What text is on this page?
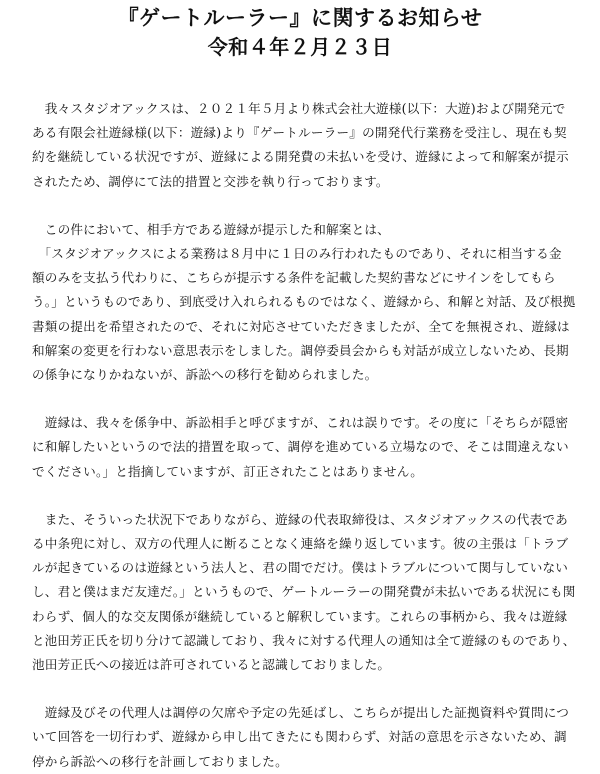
『ゲートルーラー』に関するお知らせ
令和４年２月２３日

　我々スタジオアックスは、２０２１年５月より株式会社大遊様(以下：大遊)および開発元で
ある有限会社遊縁様(以下：遊縁)より『ゲートルーラー』の開発代行業務を受注し、現在も契
約を継続している状況ですが、遊縁による開発費の未払いを受け、遊縁によって和解案が提示
されたため、調停にて法的措置と交渉を執り行っております。

　この件において、相手方である遊縁が提示した和解案とは、
　「スタジオアックスによる業務は８月中に１日のみ行われたものであり、それに相当する金
額のみを支払う代わりに、こちらが提示する条件を記載した契約書などにサインをしてもら
う。」というものであり、到底受け入れられるものではなく、遊縁から、和解と対話、及び根拠
書類の提出を希望されたので、それに対応させていただきましたが、全てを無視され、遊縁は
和解案の変更を行わない意思表示をしました。調停委員会からも対話が成立しないため、長期
の係争になりかねないが、訴訟への移行を勧められました。

　遊縁は、我々を係争中、訴訟相手と呼びますが、これは誤りです。その度に「そちらが隠密
に和解したいというので法的措置を取って、調停を進めている立場なので、そこは間違えない
でください。」と指摘していますが、訂正されたことはありません。

　また、そういった状況下でありながら、遊縁の代表取締役は、スタジオアックスの代表であ
る中条兜に対し、双方の代理人に断ることなく連絡を繰り返しています。彼の主張は「トラブ
ルが起きているのは遊縁という法人と、君の間でだけ。僕はトラブルについて関与していない
し、君と僕はまだ友達だ。」というもので、ゲートルーラーの開発費が未払いである状況にも関
わらず、個人的な交友関係が継続していると解釈しています。これらの事柄から、我々は遊縁
と池田芳正氏を切り分けて認識しており、我々に対する代理人の通知は全て遊縁のものであり、
池田芳正氏への接近は許可されていると認識しておりました。

　遊縁及びその代理人は調停の欠席や予定の先延ばし、こちらが提出した証拠資料や質問につ
いて回答を一切行わず、遊縁から申し出てきたにも関わらず、対話の意思を示さないため、調
停から訴訟への移行を計画しておりました。
